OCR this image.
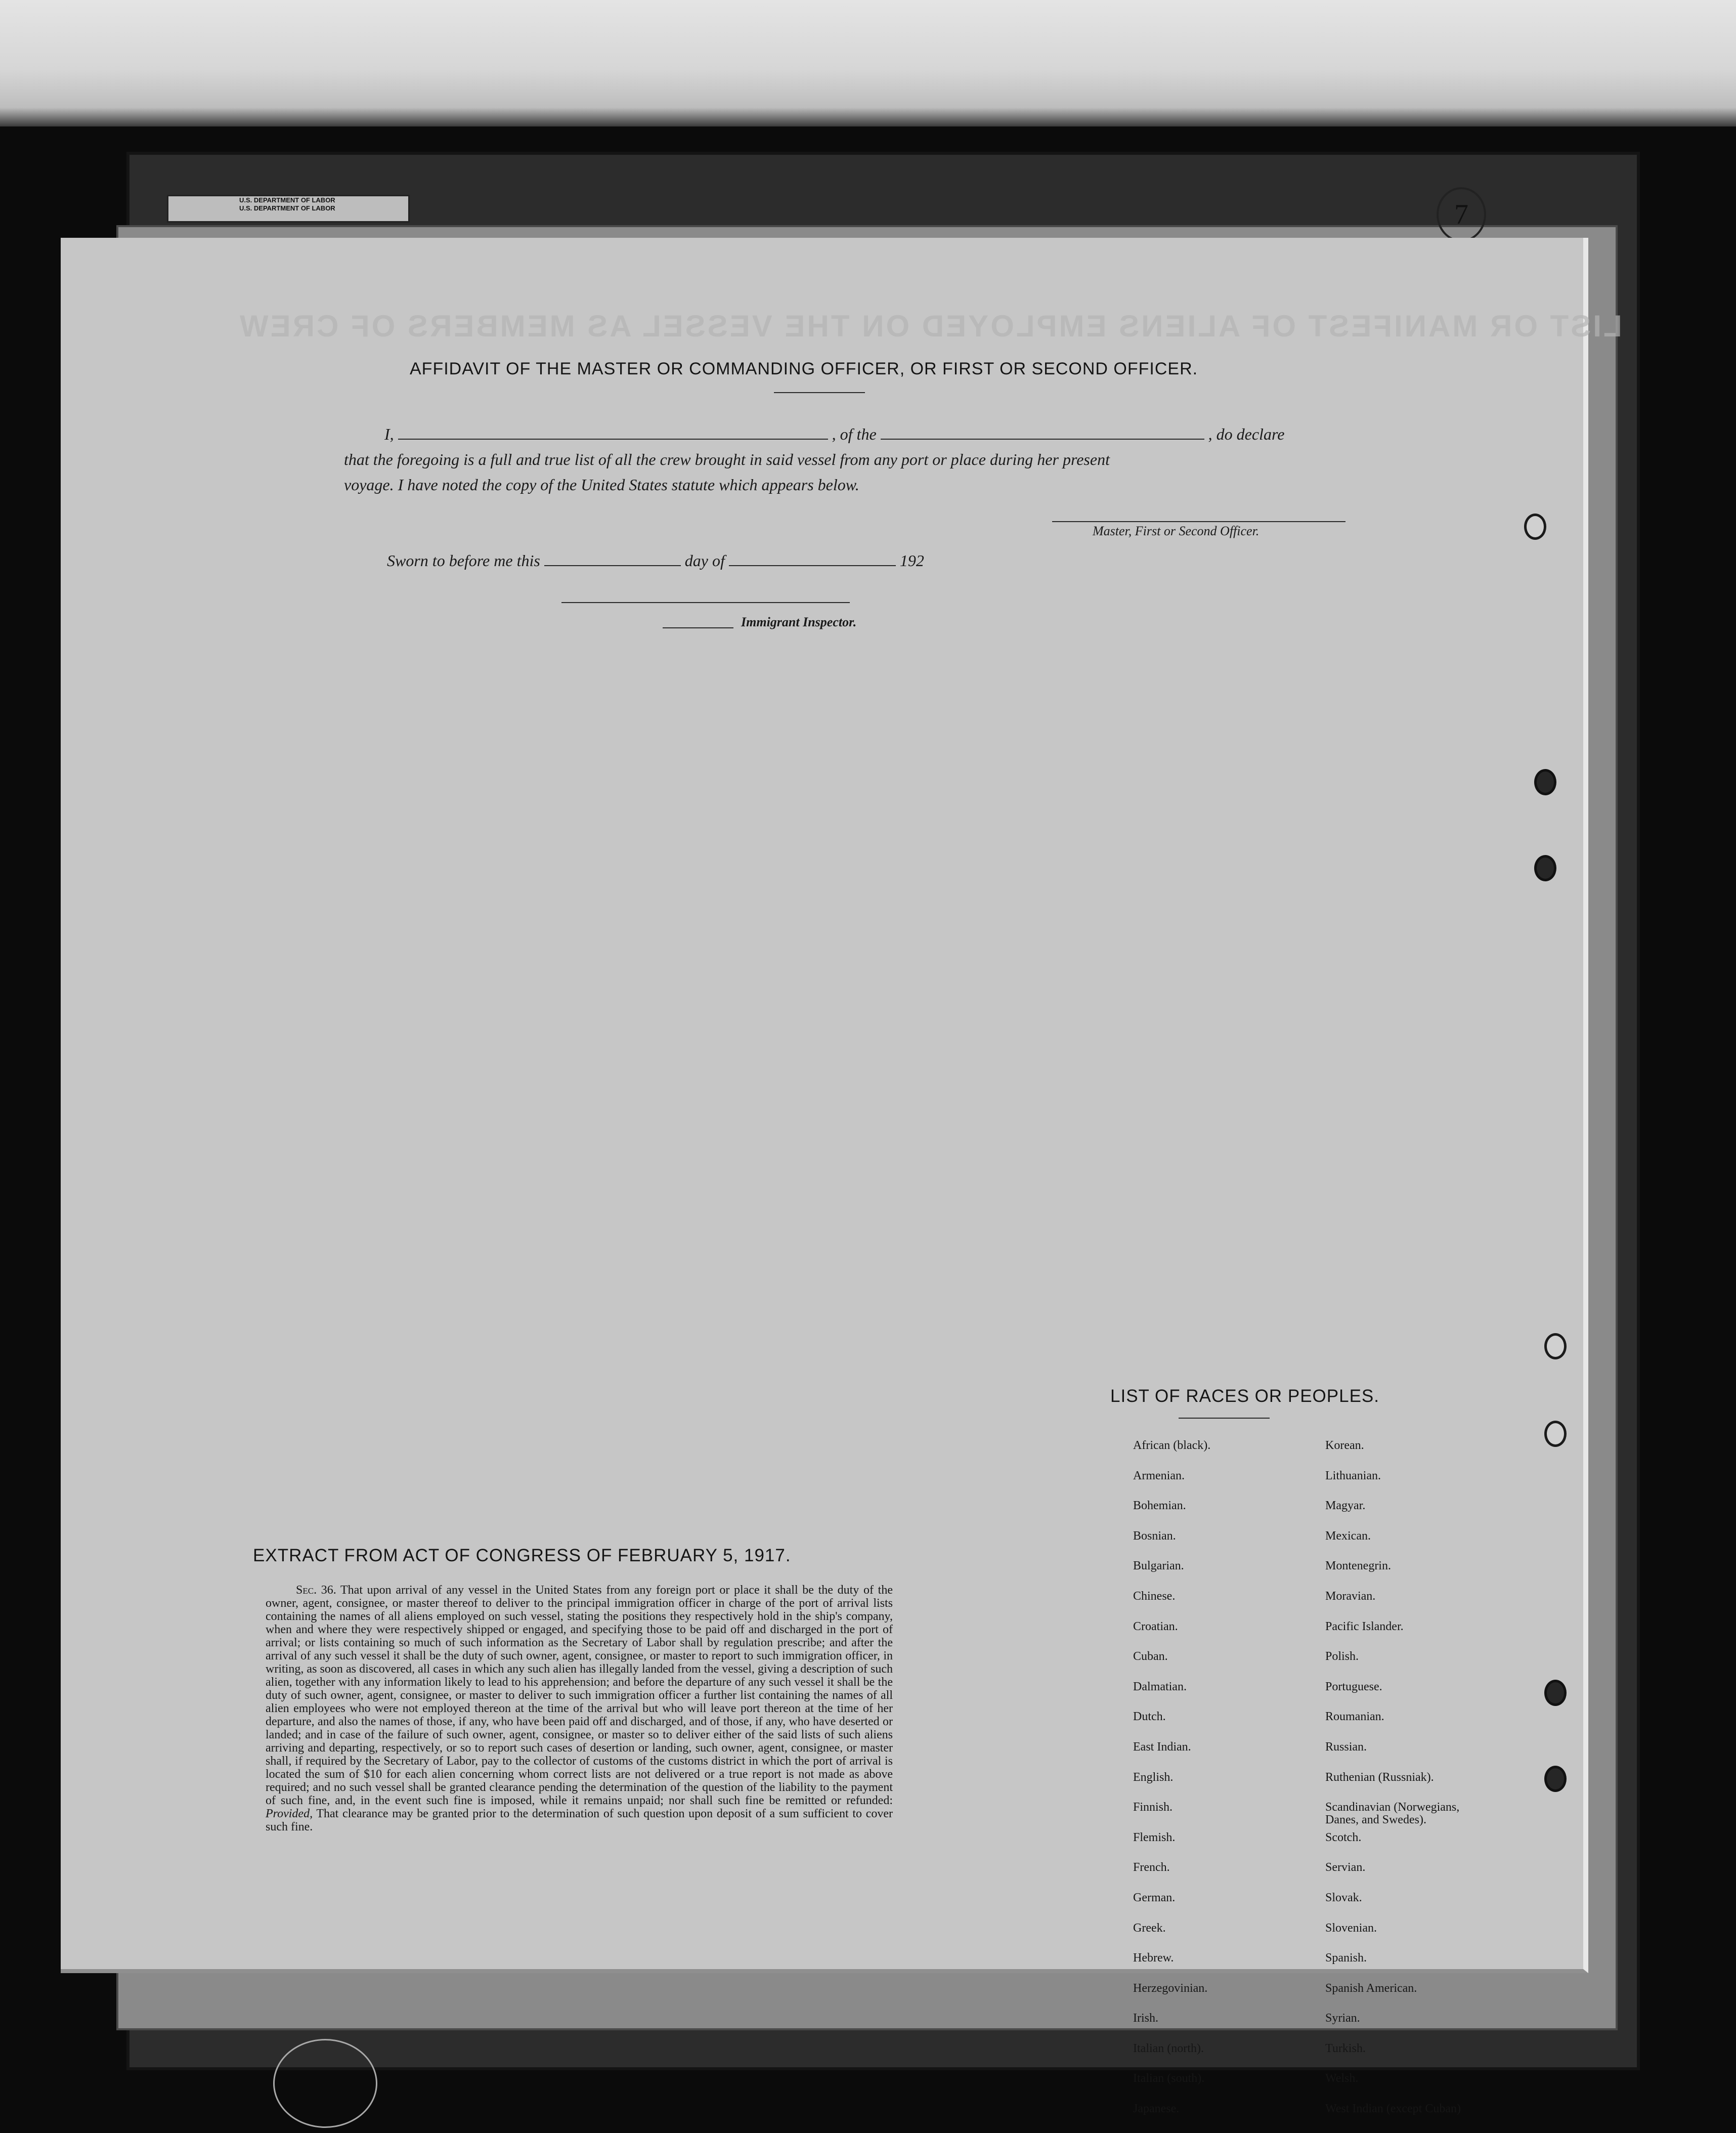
U.S. DEPARTMENT OF LABOR
U.S. DEPARTMENT OF LABOR	7
LIST OR MANIFEST OF ALIENS EMPLOYED ON THE VESSEL AS MEMBERS OF CREW
AFFIDAVIT OF THE MASTER OR COMMANDING OFFICER, OR FIRST OR SECOND OFFICER.
I,	, of the	, do declare
that the foregoing is a full and true list of all the crew brought in said vessel from any port or place during her present
voyage. I have noted the copy of the United States statute which appears below.
Master, First or Second Officer.
Sworn to before me this	day of	192
Immigrant Inspector.
EXTRACT FROM ACT OF CONGRESS OF FEBRUARY 5, 1917.
Sec. 36. That upon arrival of any vessel in the United States from any foreign port or place it shall be the duty of the owner, agent, consignee, or master thereof to deliver to the principal immigration officer in charge of the port of arrival lists containing the names of all aliens employed on such vessel, stating the positions they respectively hold in the ship's company, when and where they were respectively shipped or engaged, and specifying those to be paid off and discharged in the port of arrival; or lists containing so much of such information as the Secretary of Labor shall by regulation prescribe; and after the arrival of any such vessel it shall be the duty of such owner, agent, consignee, or master to report to such immigration officer, in writing, as soon as discovered, all cases in which any such alien has illegally landed from the vessel, giving a description of such alien, together with any information likely to lead to his apprehension; and before the departure of any such vessel it shall be the duty of such owner, agent, consignee, or master to deliver to such immigration officer a further list containing the names of all alien employees who were not employed thereon at the time of the arrival but who will leave port thereon at the time of her departure, and also the names of those, if any, who have been paid off and discharged, and of those, if any, who have deserted or landed; and in case of the failure of such owner, agent, consignee, or master so to deliver either of the said lists of such aliens arriving and departing, respectively, or so to report such cases of desertion or landing, such owner, agent, consignee, or master shall, if required by the Secretary of Labor, pay to the collector of customs of the customs district in which the port of arrival is located the sum of $10 for each alien concerning whom correct lists are not delivered or a true report is not made as above required; and no such vessel shall be granted clearance pending the determination of the question of the liability to the payment of such fine, and, in the event such fine is imposed, while it remains unpaid; nor shall such fine be remitted or refunded: Provided, That clearance may be granted prior to the determination of such question upon deposit of a sum sufficient to cover such fine.
LIST OF RACES OR PEOPLES.
African (black).	Korean.
Armenian.	Lithuanian.
Bohemian.	Magyar.
Bosnian.	Mexican.
Bulgarian.	Montenegrin.
Chinese.	Moravian.
Croatian.	Pacific Islander.
Cuban.	Polish.
Dalmatian.	Portuguese.
Dutch.	Roumanian.
East Indian.	Russian.
English.	Ruthenian (Russniak).
Finnish.	Scandinavian (Norwegians,
Danes, and Swedes).
Flemish.	Scotch.
French.	Servian.
German.	Slovak.
Greek.	Slovenian.
Hebrew.	Spanish.
Herzegovinian.	Spanish American.
Irish.	Syrian.
Italian (north).	Turkish.
Italian (south).	Welsh.
Japanese.	West Indian (except Cuban)
